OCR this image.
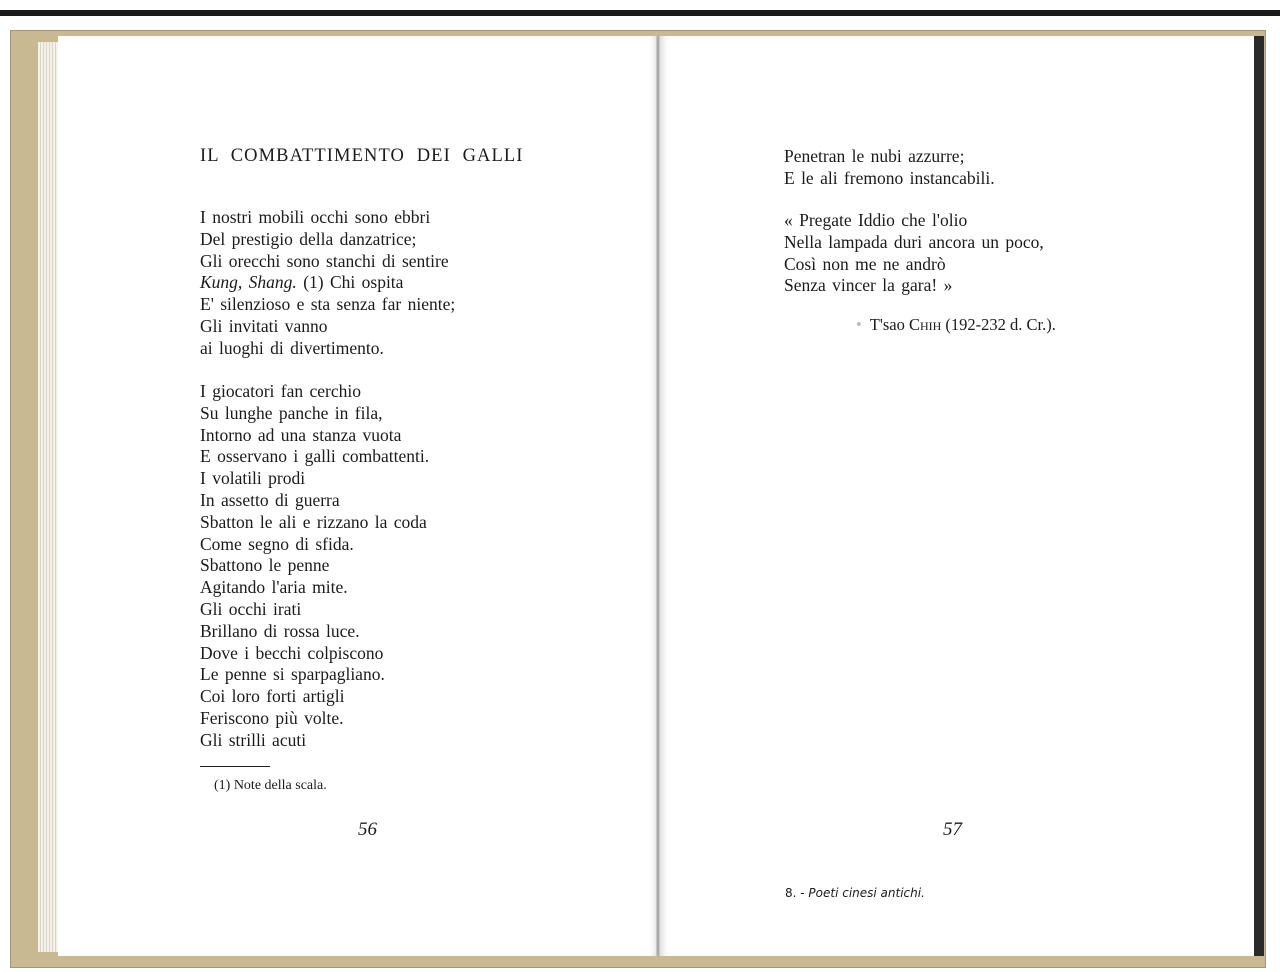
IL COMBATTIMENTO DEI GALLI
I nostri mobili occhi sono ebbri
Del prestigio della danzatrice;
Gli orecchi sono stanchi di sentire
Kung, Shang. (1) Chi ospita
E' silenzioso e sta senza far niente;
Gli invitati vanno
ai luoghi di divertimento.
I giocatori fan cerchio
Su lunghe panche in fila,
Intorno ad una stanza vuota
E osservano i galli combattenti.
I volatili prodi
In assetto di guerra
Sbatton le ali e rizzano la coda
Come segno di sfida.
Sbattono le penne
Agitando l'aria mite.
Gli occhi irati
Brillano di rossa luce.
Dove i becchi colpiscono
Le penne si sparpagliano.
Coi loro forti artigli
Feriscono più volte.
Gli strilli acuti

(1) Note della scala.

56

Penetran le nubi azzurre;
E le ali fremono instancabili.
« Pregate Iddio che l'olio
Nella lampada duri ancora un poco,
Così non me ne andrò
Senza vincer la gara! »

• T'sao Chih (192-232 d. Cr.).

57

8. - Poeti cinesi antichi.
